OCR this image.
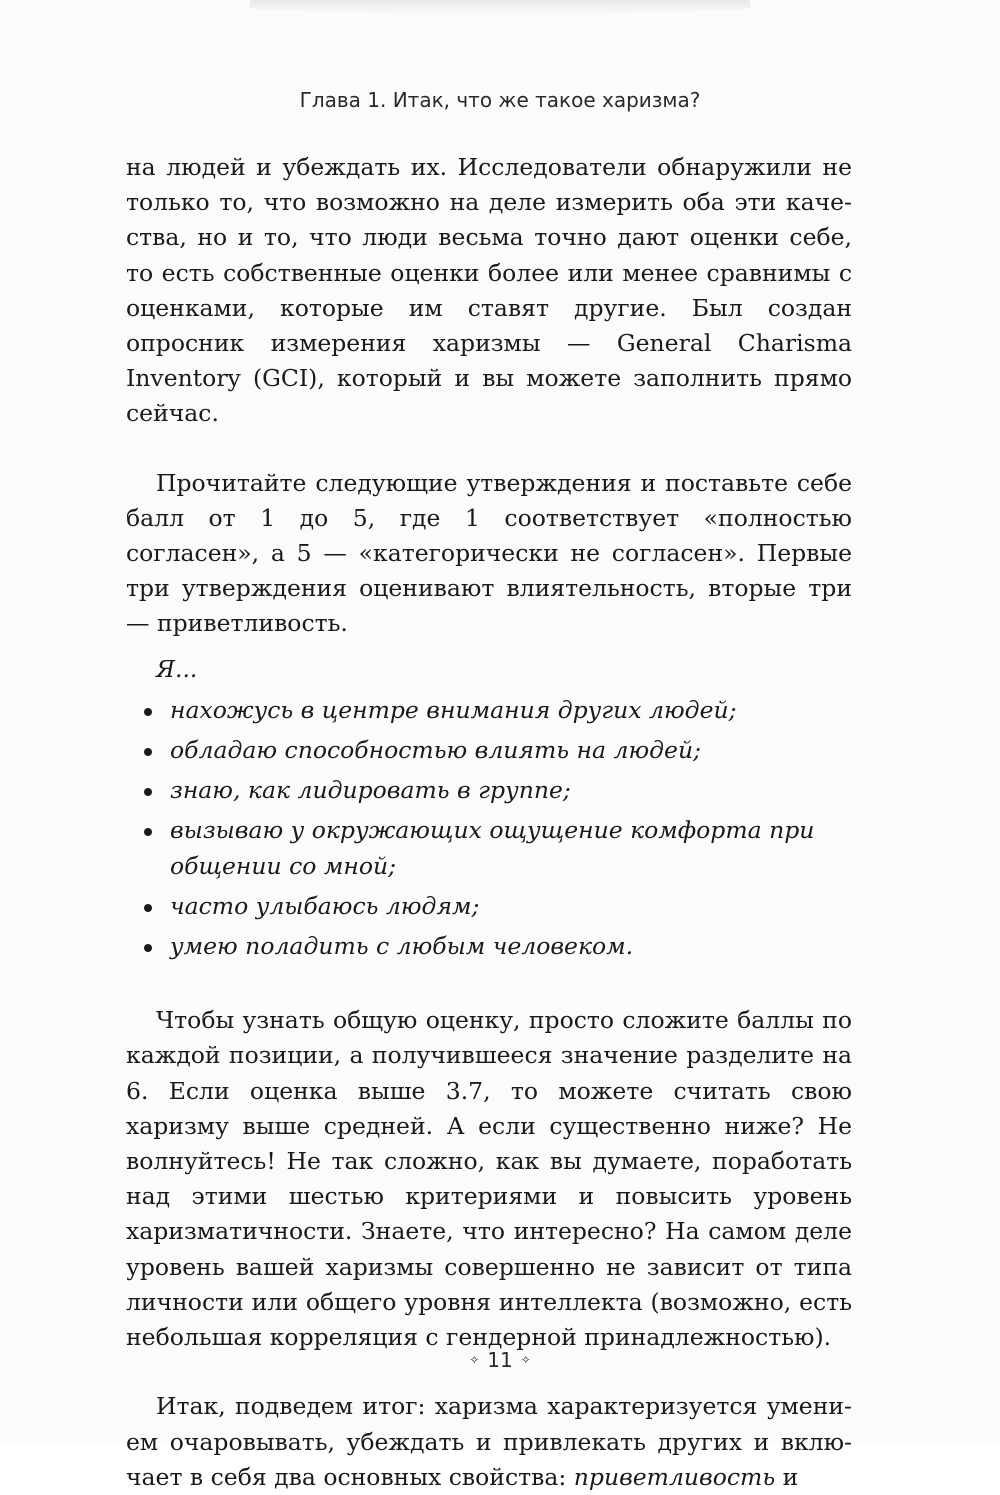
Глава 1. Итак, что же такое харизма?

на людей и убеждать их. Исследователи обнаружили не только то, что возможно на деле измерить оба эти качества, но и то, что люди весьма точно дают оценки себе, то есть собственные оценки более или менее сравнимы с оценками, которые им ставят другие. Был создан опросник измерения харизмы — General Charisma Inventory (GCI), который и вы можете заполнить прямо сейчас.

Прочитайте следующие утверждения и поставьте себе балл от 1 до 5, где 1 соответствует «полностью согласен», а 5 — «категорически не согласен». Первые три утверждения оценивают влиятельность, вторые три — приветливость.

Я...

нахожусь в центре внимания других людей;
обладаю способностью влиять на людей;
знаю, как лидировать в группе;
вызываю у окружающих ощущение комфорта при общении со мной;
часто улыбаюсь людям;
умею поладить с любым человеком.

Чтобы узнать общую оценку, просто сложите баллы по каждой позиции, а получившееся значение разделите на 6. Если оценка выше 3.7, то можете считать свою харизму выше средней. А если существенно ниже? Не волнуйтесь! Не так сложно, как вы думаете, поработать над этими шестью критериями и повысить уровень харизматичности. Знаете, что интересно? На самом деле уровень вашей харизмы совершенно не зависит от типа личности или общего уровня интеллекта (возможно, есть небольшая корреляция с гендерной принадлежностью).

Итак, подведем итог: харизма характеризуется умением очаровывать, убеждать и привлекать других и включает в себя два основных свойства: приветливость и

✧ 11 ✧
